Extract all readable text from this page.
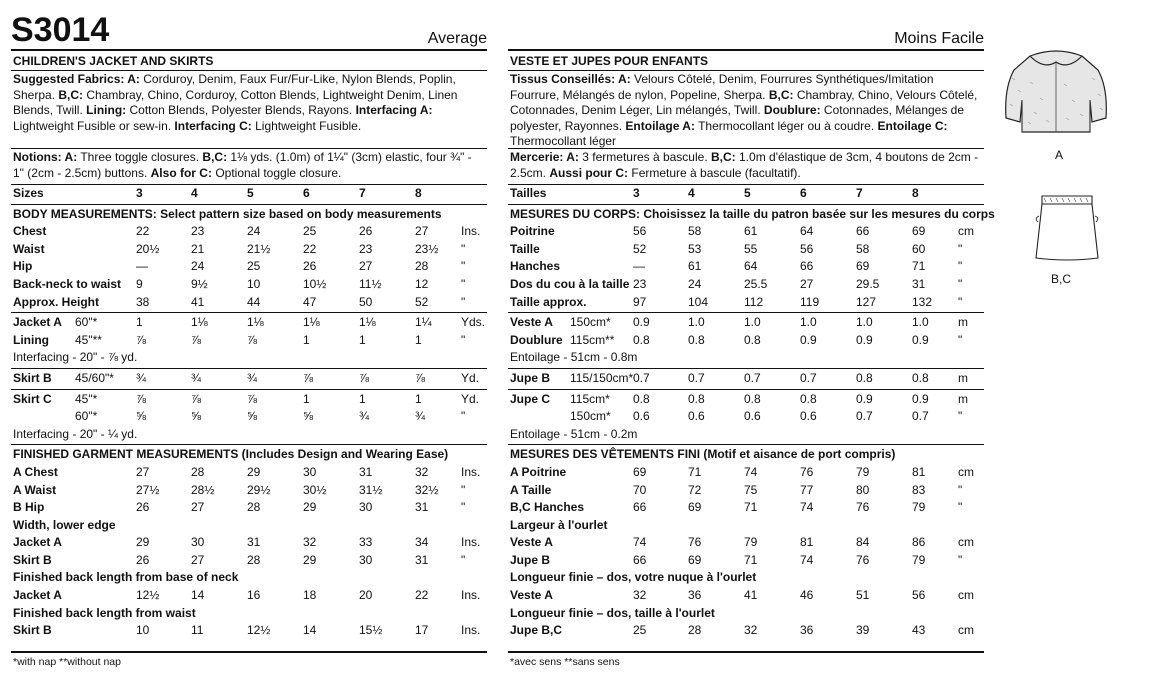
S3014	Average
CHILDREN'S JACKET AND SKIRTS
Suggested Fabrics: A: Corduroy, Denim, Faux Fur/Fur-Like, Nylon Blends, Poplin, Sherpa. B,C: Chambray, Chino, Corduroy, Cotton Blends, Lightweight Denim, Linen Blends, Twill. Lining: Cotton Blends, Polyester Blends, Rayons. Interfacing A: Lightweight Fusible or sew-in. Interfacing C: Lightweight Fusible.
Notions: A: Three toggle closures. B,C: 1⅛ yds. (1.0m) of 1¼" (3cm) elastic, four ¾" - 1" (2cm - 2.5cm) buttons. Also for C: Optional toggle closure.
Sizes	3	4	5	6	7	8
BODY MEASUREMENTS: Select pattern size based on body measurements
Chest	22	23	24	25	26	27	Ins.
Waist	20½	21	21½	22	23	23½ "
Hip	—	24	25	26	27	28	"
Back-neck to waist 9	9½	10	10½	11½	12	"
Approx. Height	38	41	44	47	50	52	"
Jacket A 60"*	1	1⅛	1⅛	1⅛	1⅛	1¼ Yds.
Lining 45"**	⅞	⅞	⅞	1	1	1	"
Interfacing - 20" - ⅞ yd.
Skirt B 45/60"* ¾	¾	¾	⅞	⅞	⅞	Yd.
Skirt C 45"*	⅞	⅞	⅞	1	1	1	Yd.
60"*	⅝	⅝	⅝	⅝	¾	¾	"
Interfacing - 20" - ¼ yd.
FINISHED GARMENT MEASUREMENTS (Includes Design and Wearing Ease)
A Chest	27	28	29	30	31	32	Ins.
A Waist	27½	28½	29½	30½	31½	32½ "
B Hip	26	27	28	29	30	31	"
Width, lower edge
Jacket A	29	30	31	32	33	34	Ins.
Skirt B	26	27	28	29	30	31	"
Finished back length from base of neck
Jacket A	12½	14	16	18	20	22	Ins.
Finished back length from waist
Skirt B	10	11	12½	14	15½	17	Ins.
*with nap **without nap
Moins Facile
VESTE ET JUPES POUR ENFANTS
Tissus Conseillés: A: Velours Côtelé, Denim, Fourrures Synthétiques/Imitation Fourrure, Mélangés de nylon, Popeline, Sherpa. B,C: Chambray, Chino, Velours Côtelé, Cotonnades, Denim Léger, Lin mélangés, Twill. Doublure: Cotonnades, Mélanges de polyester, Rayonnes. Entoilage A: Thermocollant léger ou à coudre. Entoilage C: Thermocollant léger
Mercerie: A: 3 fermetures à bascule. B,C: 1.0m d'élastique de 3cm, 4 boutons de 2cm - 2.5cm. Aussi pour C: Fermeture à bascule (facultatif).
Tailles	3	4	5	6	7	8
MESURES DU CORPS: Choisissez la taille du patron basée sur les mesures du corps
Poitrine	56	58	61	64	66	69	cm
Taille	52	53	55	56	58	60	"
Hanches	—	61	64	66	69	71	"
Dos du cou à la taille 23	24	25.5	27	29.5	31	"
Taille approx.	97	104	112	119	127	132 "
Veste A 150cm* 0.9	1.0	1.0	1.0	1.0	1.0 m
Doublure 115cm** 0.8	0.8	0.8	0.9	0.9	0.9 "
Entoilage - 51cm - 0.8m
Jupe B 115/150cm* 0.7	0.7	0.7	0.7	0.8	0.8 m
Jupe C 115cm* 0.8	0.8	0.8	0.8	0.9	0.9 m
150cm* 0.6	0.6	0.6	0.6	0.7	0.7 "
Entoilage - 51cm - 0.2m
MESURES DES VÊTEMENTS FINI (Motif et aisance de port compris)
A Poitrine	69	71	74	76	79	81	cm
A Taille	70	72	75	77	80	83	"
B,C Hanches	66	69	71	74	76	79	"
Largeur à l'ourlet
Veste A	74	76	79	81	84	86	cm
Jupe B	66	69	71	74	76	79	"
Longueur finie – dos, votre nuque à l'ourlet
Veste A	32	36	41	46	51	56	cm
Longueur finie – dos, taille à l'ourlet
Jupe B,C	25	28	32	36	39	43	cm
*avec sens **sans sens
A
B,C
